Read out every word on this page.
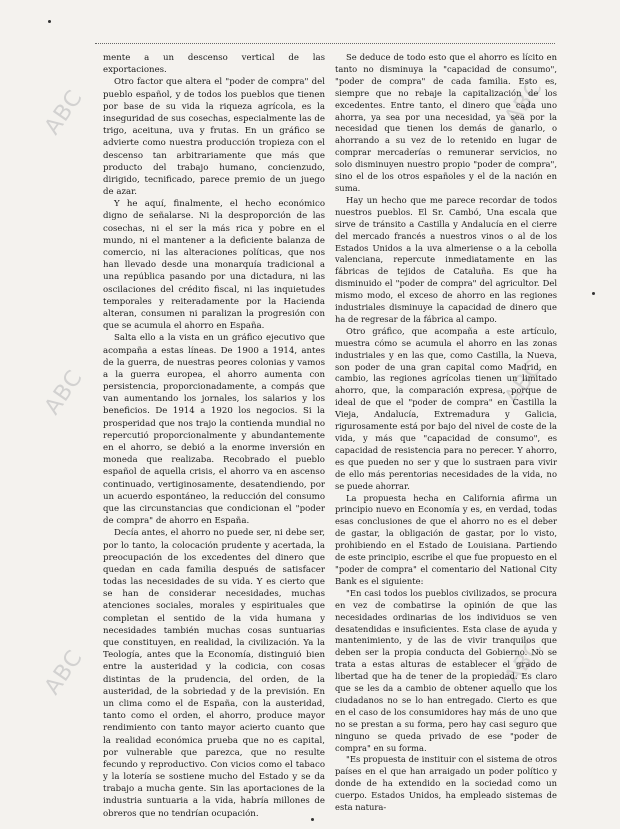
ABC
ABC
ABC
ABC
ABC
ABC

mente a un descenso vertical de las exportaciones.

Otro factor que altera el "poder de compra" del pueblo español, y de todos los pueblos que tienen por base de su vida la riqueza agrícola, es la inseguridad de sus cosechas, especialmente las de trigo, aceituna, uva y frutas. En un gráfico se advierte como nuestra producción tropieza con el descenso tan arbitrariamente que más que producto del trabajo humano, concienzudo, dirigido, tecnificado, parece premio de un juego de azar.

Y he aquí, finalmente, el hecho económico digno de señalarse. Ni la desproporción de las cosechas, ni el ser la más rica y pobre en el mundo, ni el mantener a la deficiente balanza de comercio, ni las alteraciones políticas, que nos han llevado desde una monarquía tradicional a una república pasando por una dictadura, ni las oscilaciones del crédito fiscal, ni las inquietudes temporales y reiteradamente por la Hacienda alteran, consumen ni paralizan la progresión con que se acumula el ahorro en España.

Salta ello a la vista en un gráfico ejecutivo que acompaña a estas líneas. De 1900 a 1914, antes de la guerra, de nuestras peores colonias y vamos a la guerra europea, el ahorro aumenta con persistencia, proporcionadamente, a compás que van aumentando los jornales, los salarios y los beneficios. De 1914 a 1920 los negocios. Si la prosperidad que nos trajo la contienda mundial no repercutió proporcionalmente y abundantemente en el ahorro, se debió a la enorme inversión en moneda que realizaba. Recobrado el pueblo español de aquella crisis, el ahorro va en ascenso continuado, vertiginosamente, desatendiendo, por un acuerdo espontáneo, la reducción del consumo que las circunstancias que condicionan el "poder de compra" de ahorro en España.

Decía antes, el ahorro no puede ser, ni debe ser, por lo tanto, la colocación prudente y acertada, la preocupación de los excedentes del dinero que quedan en cada familia después de satisfacer todas las necesidades de su vida. Y es cierto que se han de considerar necesidades, muchas atenciones sociales, morales y espirituales que completan el sentido de la vida humana y necesidades también muchas cosas suntuarias que constituyen, en realidad, la civilización. Ya la Teología, antes que la Economía, distinguió bien entre la austeridad y la codicia, con cosas distintas de la prudencia, del orden, de la austeridad, de la sobriedad y de la previsión. En un clima como el de España, con la austeridad, tanto como el orden, el ahorro, produce mayor rendimiento con tanto mayor acierto cuanto que la realidad económica prueba que no es capital, por vulnerable que parezca, que no resulte fecundo y reproductivo. Con vicios como el tabaco y la lotería se sostiene mucho del Estado y se da trabajo a mucha gente. Sin las aportaciones de la industria suntuaria a la vida, habría millones de obreros que no tendrían ocupación.

Se deduce de todo esto que el ahorro es lícito en tanto no disminuya la "capacidad de consumo", "poder de compra" de cada familia. Esto es, siempre que no rebaje la capitalización de los excedentes. Entre tanto, el dinero que cada uno ahorra, ya sea por una necesidad, ya sea por la necesidad que tienen los demás de ganarlo, o ahorrando a su vez de lo retenido en lugar de comprar mercaderías o remunerar servicios, no solo disminuyen nuestro propio "poder de compra", sino el de los otros españoles y el de la nación en suma.

Hay un hecho que me parece recordar de todos nuestros pueblos. El Sr. Cambó, Una escala que sirve de tránsito a Castilla y Andalucía en el cierre del mercado francés a nuestros vinos o al de los Estados Unidos a la uva almeriense o a la cebolla valenciana, repercute inmediatamente en las fábricas de tejidos de Cataluña. Es que ha disminuido el "poder de compra" del agricultor. Del mismo modo, el exceso de ahorro en las regiones industriales disminuye la capacidad de dinero que ha de regresar de la fábrica al campo.

Otro gráfico, que acompaña a este artículo, muestra cómo se acumula el ahorro en las zonas industriales y en las que, como Castilla, la Nueva, son poder de una gran capital como Madrid, en cambio, las regiones agrícolas tienen un limitado ahorro, que, la comparación expresa, porque de ideal de que el "poder de compra" en Castilla la Vieja, Andalucía, Extremadura y Galicia, rigurosamente está por bajo del nivel de coste de la vida, y más que "capacidad de consumo", es capacidad de resistencia para no perecer. Y ahorro, es que pueden no ser y que lo sustraen para vivir de ello más perentorias necesidades de la vida, no se puede ahorrar.

La propuesta hecha en California afirma un principio nuevo en Economía y es, en verdad, todas esas conclusiones de que el ahorro no es el deber de gastar, la obligación de gastar, por lo visto, prohibiendo en el Estado de Louisiana. Partiendo de este principio, escribe el que fue propuesto en el "poder de compra" el comentario del National City Bank es el siguiente:

"En casi todos los pueblos civilizados, se procura en vez de combatirse la opinión de que las necesidades ordinarias de los individuos se ven desatendidas e insuficientes. Esta clase de ayuda y mantenimiento, y de las de vivir tranquilos que deben ser la propia conducta del Gobierno. No se trata a estas alturas de establecer el grado de libertad que ha de tener de la propiedad. Es claro que se les da a cambio de obtener aquello que los ciudadanos no se lo han entregado. Cierto es que en el caso de los consumidores hay más de uno que no se prestan a su forma, pero hay casi seguro que ninguno se queda privado de ese "poder de compra" en su forma.

"Es propuesta de instituir con el sistema de otros países en el que han arraigado un poder político y donde de ha extendido en la sociedad como un cuerpo. Estados Unidos, ha empleado sistemas de esta natura-
